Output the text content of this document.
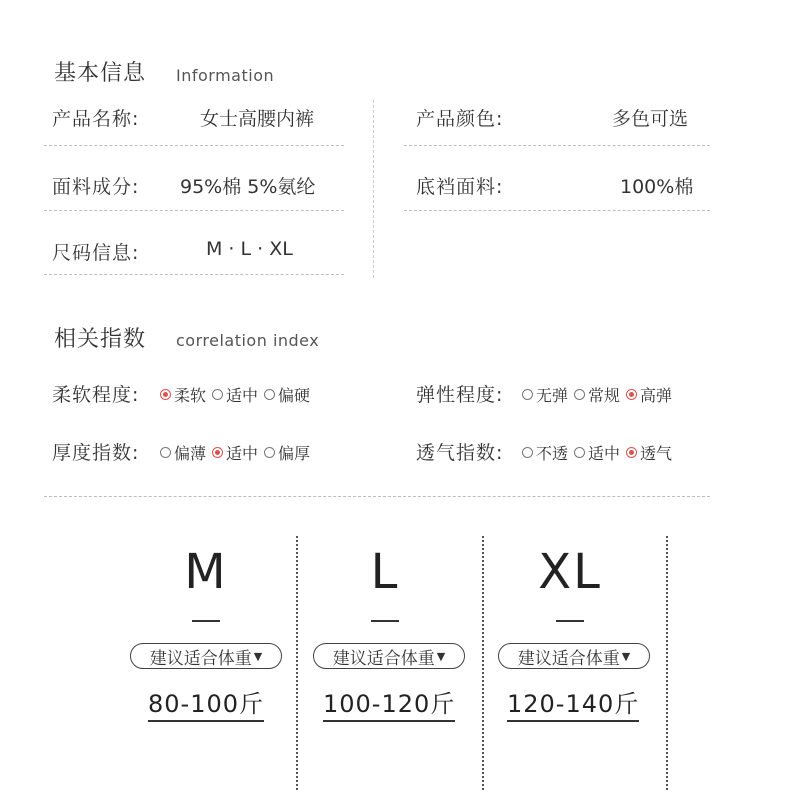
基本信息 Information
产品名称:	女士高腰内裤	产品颜色:	多色可选
面料成分: 95%棉 5%氨纶	底裆面料:	100%棉
尺码信息:	M · L · XL
相关指数 correlation index
柔软程度: 柔软 适中 偏硬	弹性程度: 无弹 常规 高弹
厚度指数: 偏薄 适中 偏厚	透气指数: 不透 适中 透气
M
建议适合体重 ▼
80-100斤
L
建议适合体重 ▼
100-120斤
XL
建议适合体重 ▼
120-140斤
